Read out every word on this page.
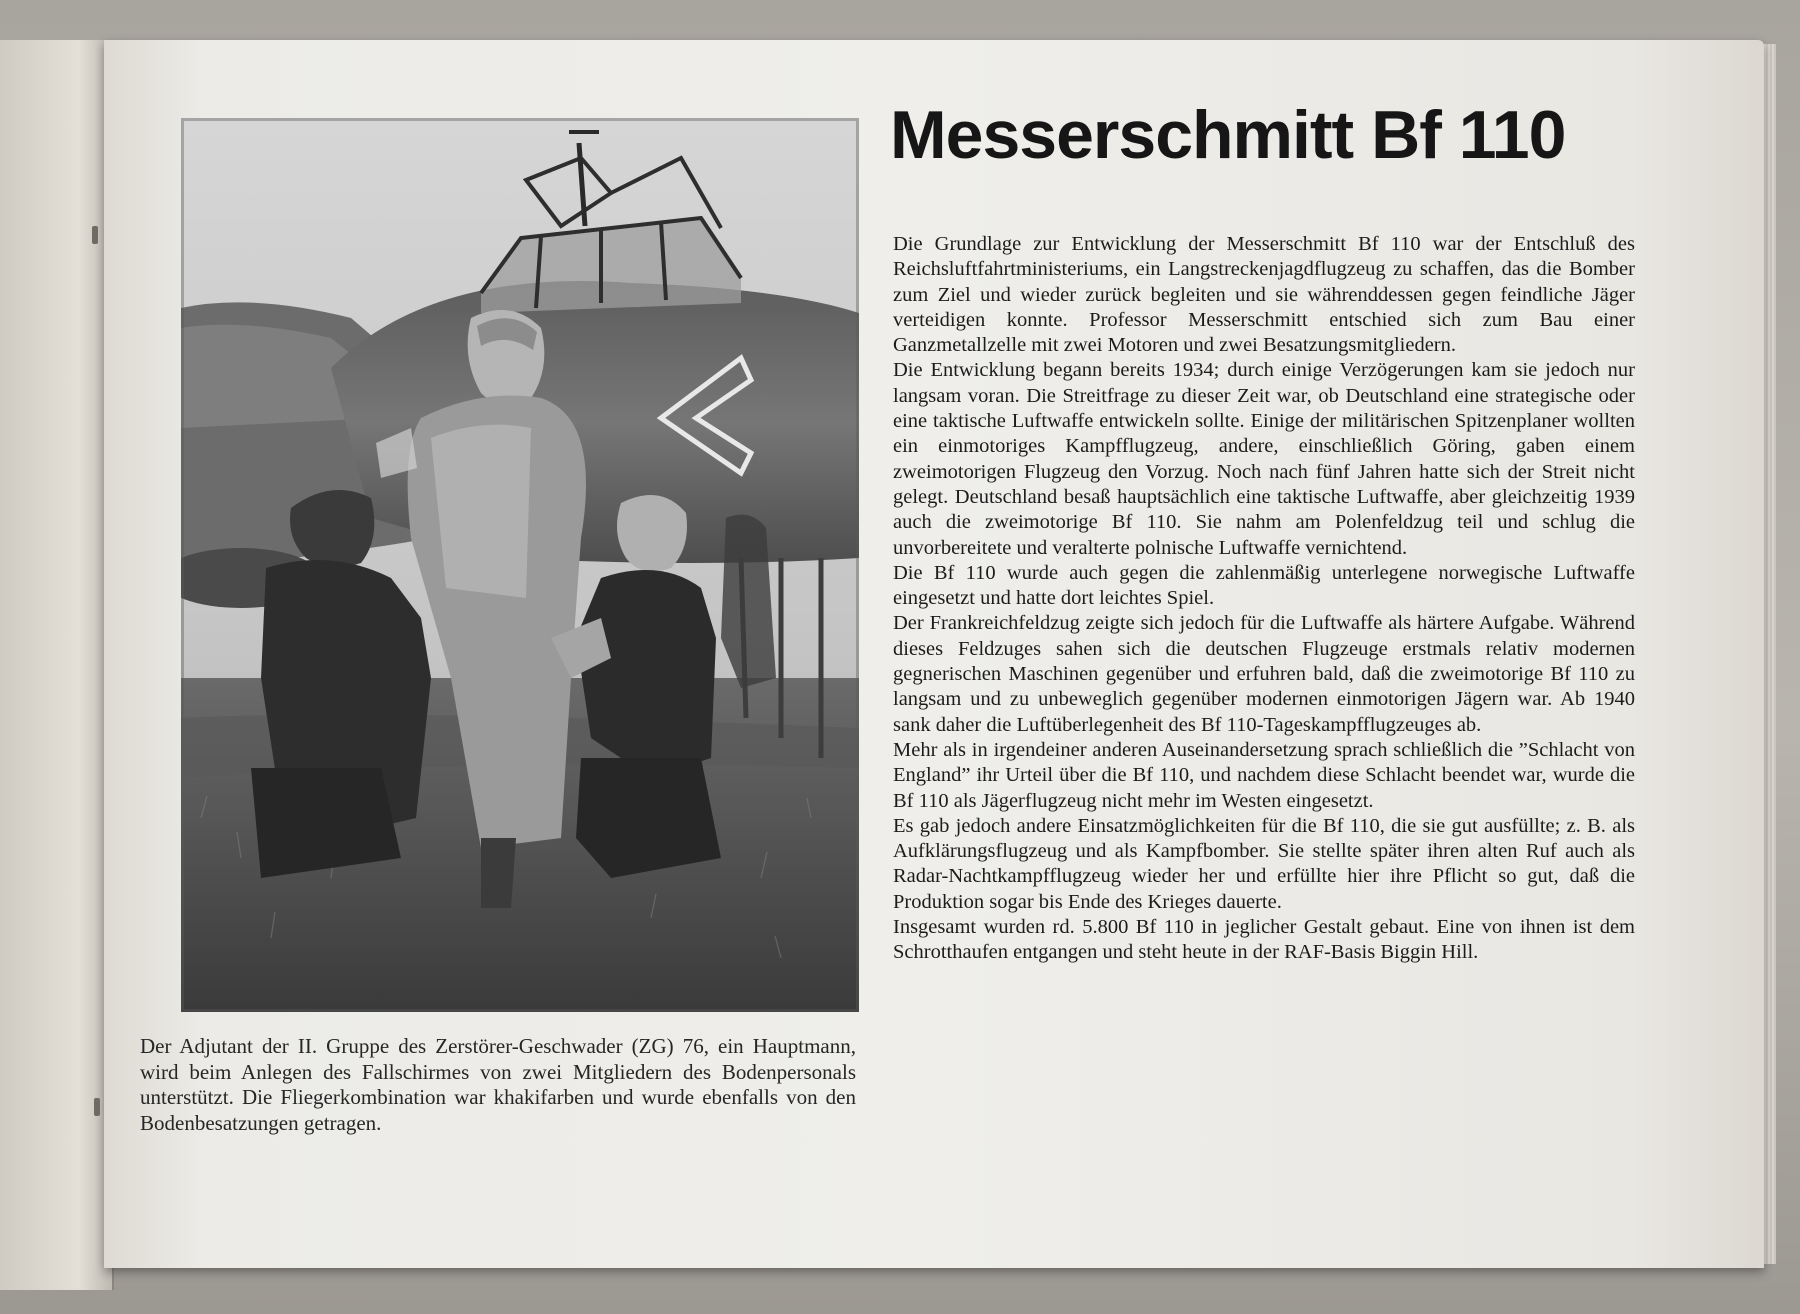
Messerschmitt Bf 110

Die Grundlage zur Entwicklung der Messerschmitt Bf 110 war der Entschluß des Reichsluftfahrtministeriums, ein Langstreckenjagdflugzeug zu schaffen, das die Bomber zum Ziel und wieder zurück begleiten und sie währenddessen gegen feindliche Jäger verteidigen konnte. Professor Messerschmitt entschied sich zum Bau einer Ganzmetallzelle mit zwei Motoren und zwei Besatzungsmitgliedern.

Die Entwicklung begann bereits 1934; durch einige Verzögerungen kam sie jedoch nur langsam voran. Die Streitfrage zu dieser Zeit war, ob Deutschland eine strategische oder eine taktische Luftwaffe entwickeln sollte. Einige der militärischen Spitzenplaner wollten ein einmotoriges Kampfflugzeug, andere, einschließlich Göring, gaben einem zweimotorigen Flugzeug den Vorzug. Noch nach fünf Jahren hatte sich der Streit nicht gelegt. Deutschland besaß hauptsächlich eine taktische Luftwaffe, aber gleichzeitig 1939 auch die zweimotorige Bf 110. Sie nahm am Polenfeldzug teil und schlug die unvorbereitete und veralterte polnische Luftwaffe vernichtend.

Die Bf 110 wurde auch gegen die zahlenmäßig unterlegene norwegische Luftwaffe eingesetzt und hatte dort leichtes Spiel.

Der Frankreichfeldzug zeigte sich jedoch für die Luftwaffe als härtere Aufgabe. Während dieses Feldzuges sahen sich die deutschen Flugzeuge erstmals relativ modernen gegnerischen Maschinen gegenüber und erfuhren bald, daß die zweimotorige Bf 110 zu langsam und zu unbeweglich gegenüber modernen einmotorigen Jägern war. Ab 1940 sank daher die Luftüberlegenheit des Bf 110-Tageskampfflugzeuges ab.

Mehr als in irgendeiner anderen Auseinandersetzung sprach schließlich die ”Schlacht von England” ihr Urteil über die Bf 110, und nachdem diese Schlacht beendet war, wurde die Bf 110 als Jägerflugzeug nicht mehr im Westen eingesetzt.

Es gab jedoch andere Einsatzmöglichkeiten für die Bf 110, die sie gut ausfüllte; z. B. als Aufklärungsflugzeug und als Kampfbomber. Sie stellte später ihren alten Ruf auch als Radar-Nachtkampfflugzeug wieder her und erfüllte hier ihre Pflicht so gut, daß die Produktion sogar bis Ende des Krieges dauerte.

Insgesamt wurden rd. 5.800 Bf 110 in jeglicher Gestalt gebaut. Eine von ihnen ist dem Schrotthaufen entgangen und steht heute in der RAF-Basis Biggin Hill.

Der Adjutant der II. Gruppe des Zerstörer-Geschwader (ZG) 76, ein Hauptmann, wird beim Anlegen des Fallschirmes von zwei Mitgliedern des Bodenpersonals unterstützt. Die Fliegerkombination war khakifarben und wurde ebenfalls von den Bodenbesatzungen getragen.
